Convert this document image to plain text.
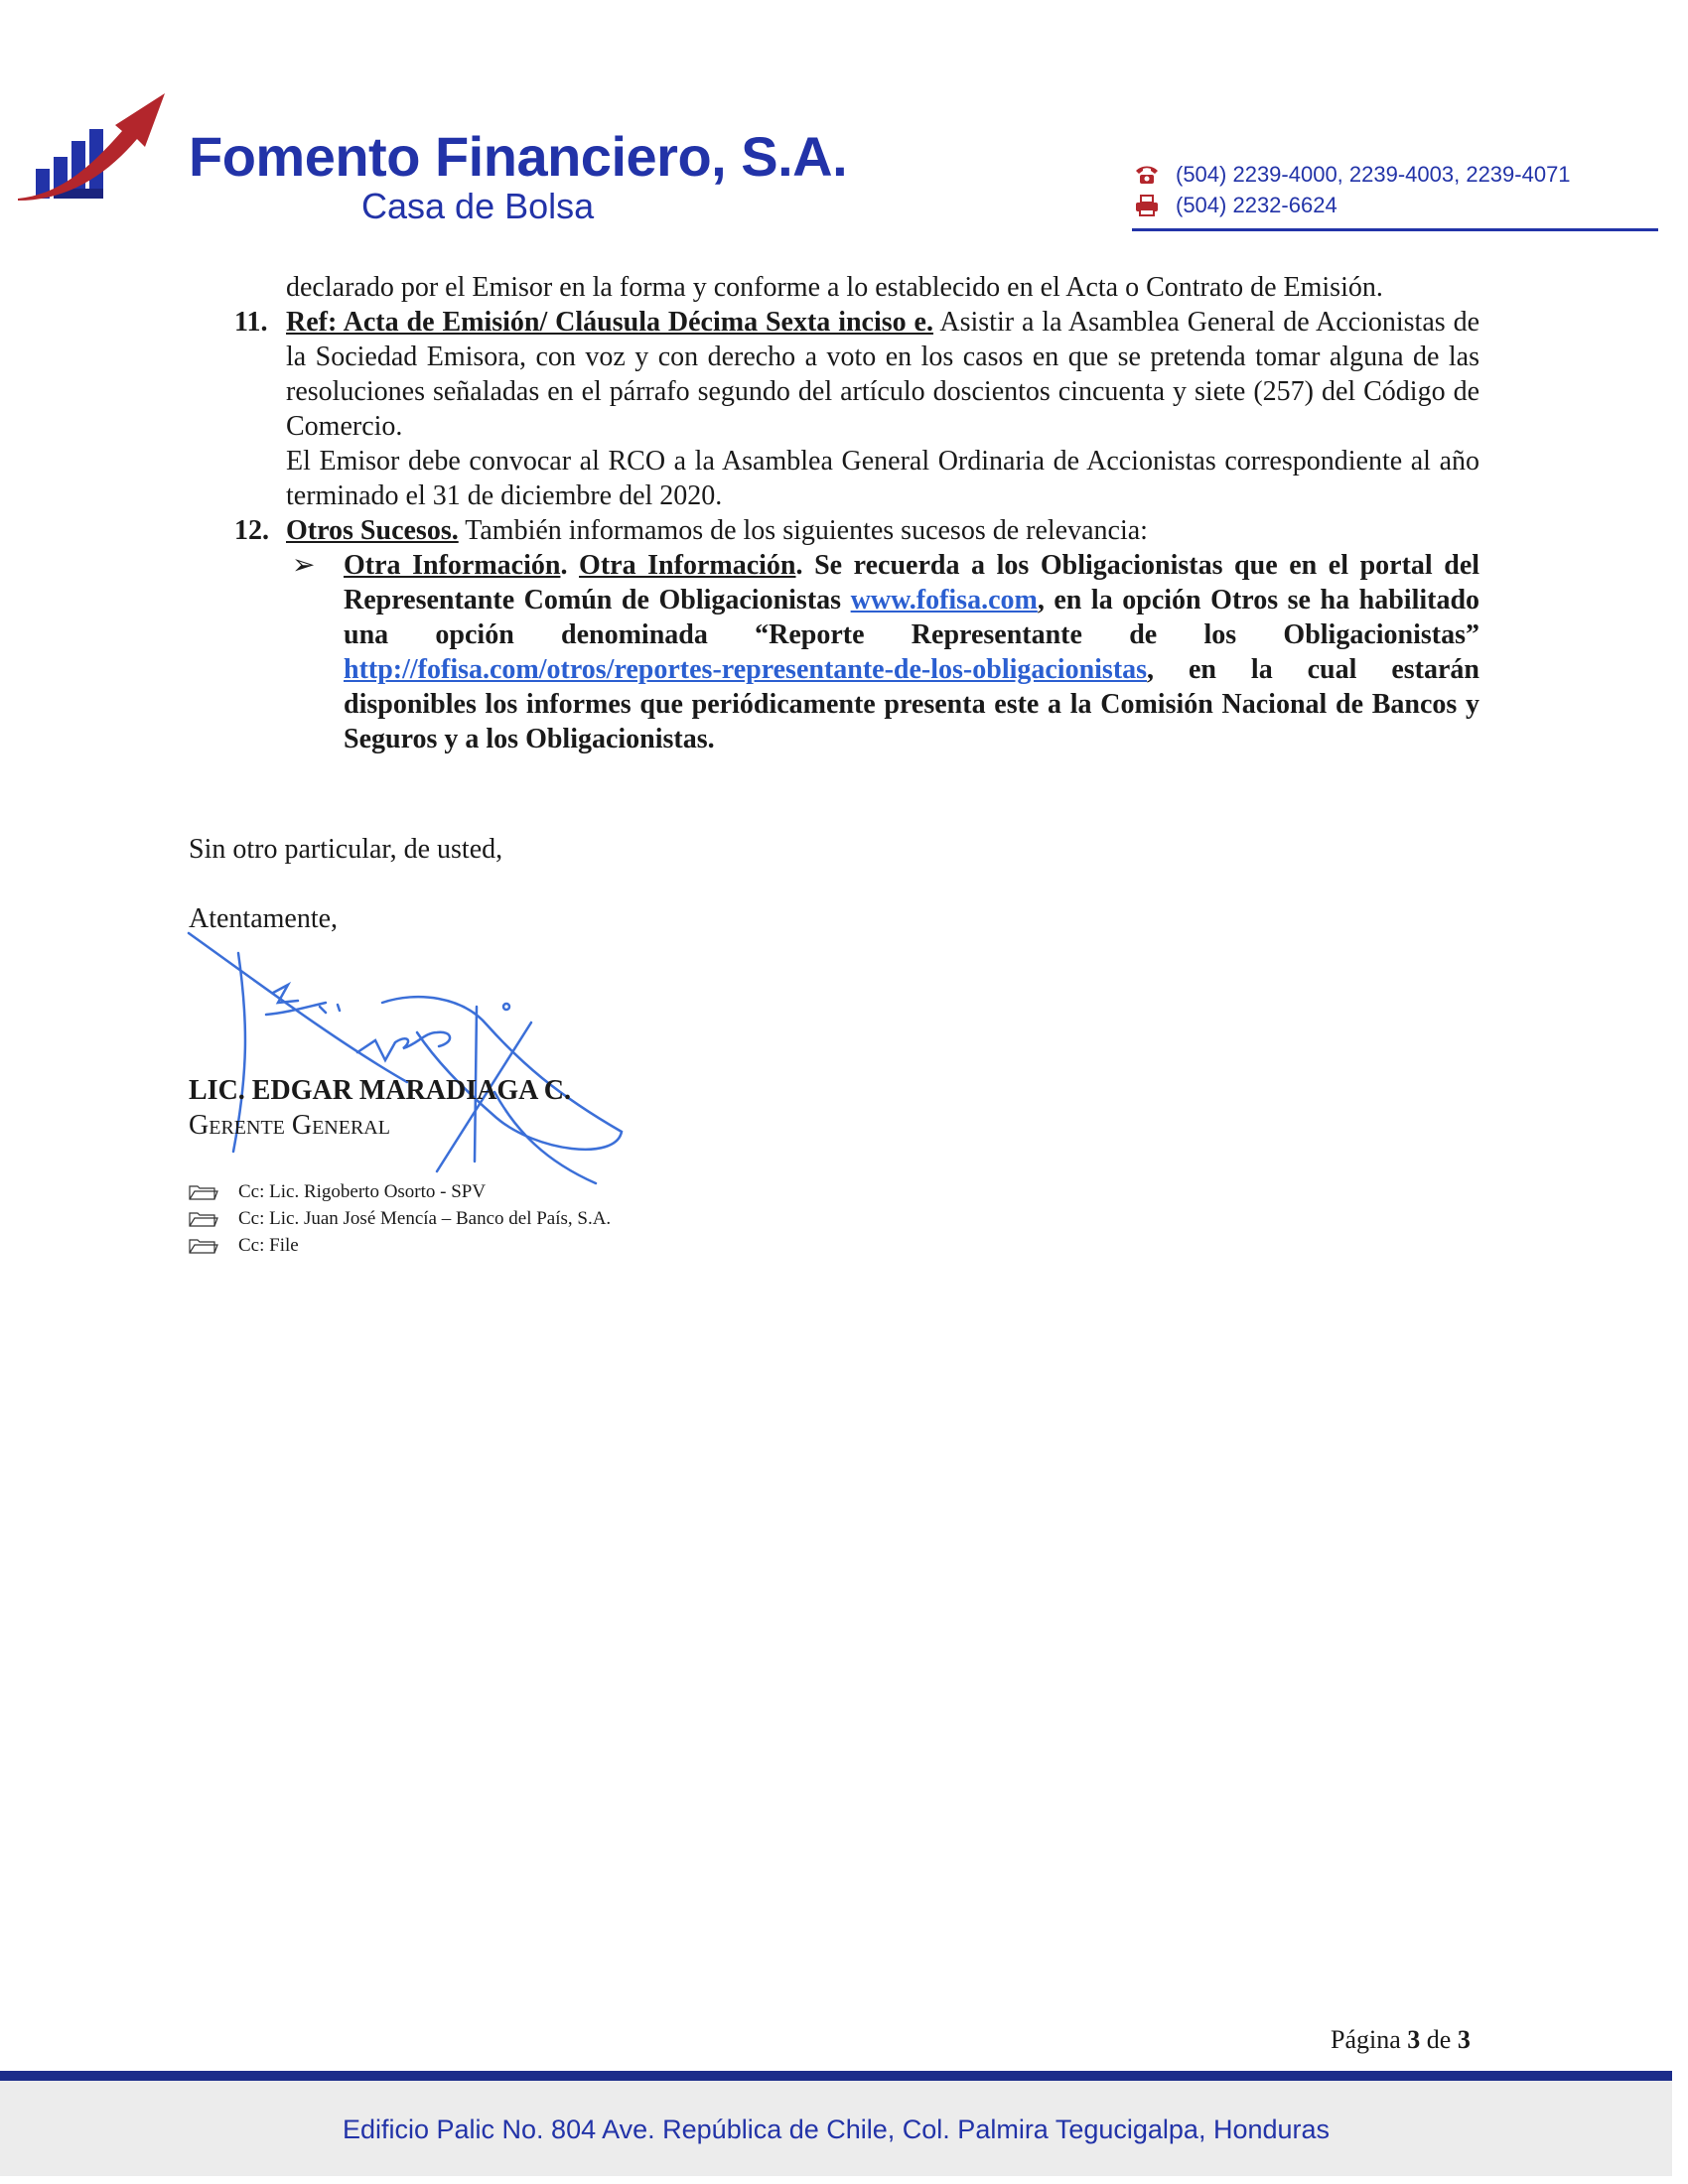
Fomento Financiero, S.A.
Casa de Bolsa
(504) 2239-4000, 2239-4003, 2239-4071
(504) 2232-6624
declarado por el Emisor en la forma y conforme a lo establecido en el Acta o Contrato de Emisión.
11. Ref: Acta de Emisión/ Cláusula Décima Sexta inciso e. Asistir a la Asamblea General de Accionistas de la Sociedad Emisora, con voz y con derecho a voto en los casos en que se pretenda tomar alguna de las resoluciones señaladas en el párrafo segundo del artículo doscientos cincuenta y siete (257) del Código de Comercio.
El Emisor debe convocar al RCO a la Asamblea General Ordinaria de Accionistas correspondiente al año terminado el 31 de diciembre del 2020.
12. Otros Sucesos. También informamos de los siguientes sucesos de relevancia:
➢ Otra Información. Otra Información. Se recuerda a los Obligacionistas que en el portal del Representante Común de Obligacionistas www.fofisa.com, en la opción Otros se ha habilitado una opción denominada “Reporte Representante de los Obligacionistas” http://fofisa.com/otros/reportes-representante-de-los-obligacionistas, en la cual estarán disponibles los informes que periódicamente presenta este a la Comisión Nacional de Bancos y Seguros y a los Obligacionistas.
Sin otro particular, de usted,
Atentamente,
LIC. EDGAR MARADIAGA C.
Gerente General
Cc: Lic. Rigoberto Osorto - SPV
Cc: Lic. Juan José Mencía – Banco del País, S.A.
Cc: File
Página 3 de 3
Edificio Palic No. 804 Ave. República de Chile, Col. Palmira Tegucigalpa, Honduras
